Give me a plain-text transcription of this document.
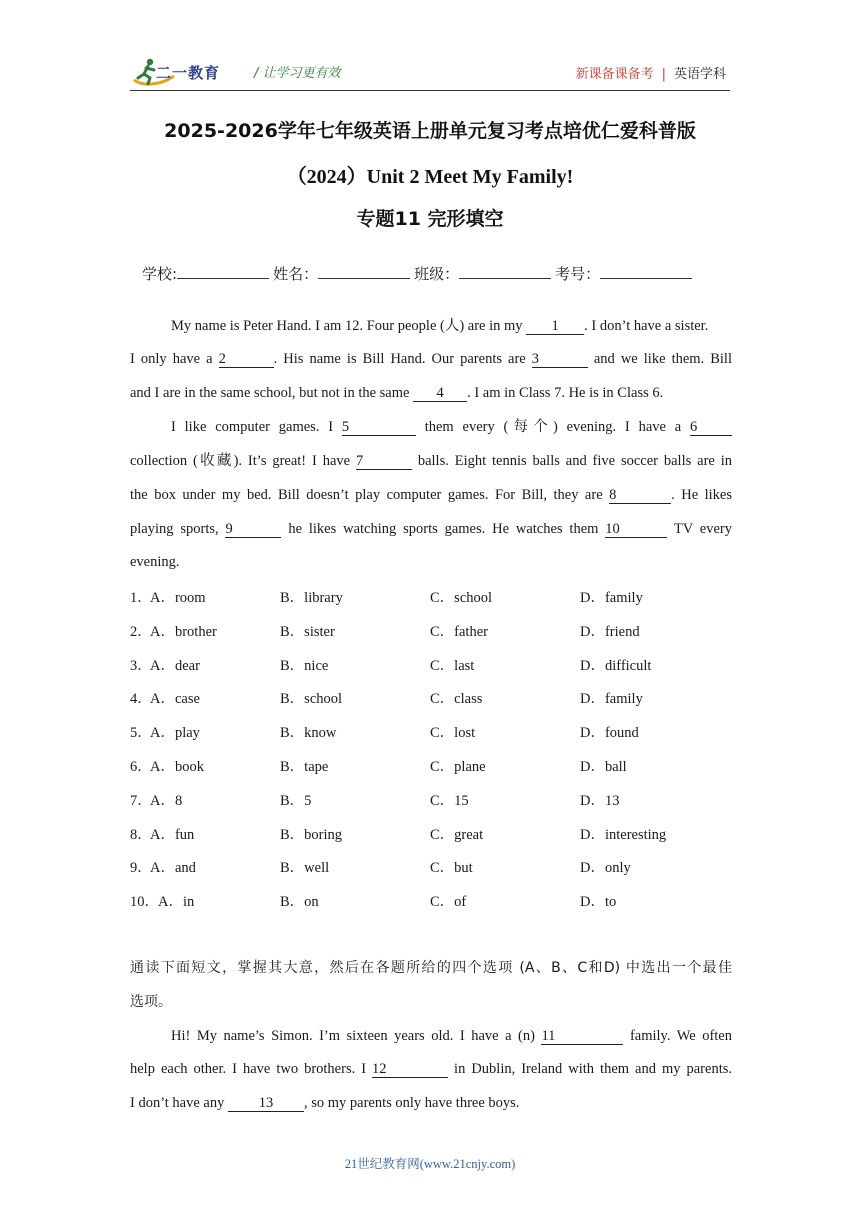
二一教育	/ 让学习更有效	新课备课备考 | 英语学科
2025-2026学年七年级英语上册单元复习考点培优仁爱科普版
（2024）Unit 2 Meet My Family!
专题11 完形填空
学校:	姓名：	班级：	考号：
My name is Peter Hand. I am 12. Four people (人) are in my 1 . I don’t have a sister.
I only have a 2	. His name is Bill Hand. Our parents are 3	and we like them. Bill
and I are in the same school, but not in the same 4 . I am in Class 7. He is in Class 6.
I like computer games. I 5	them every (每个) evening. I have a 6
collection (收藏). It’s great! I have 7	balls. Eight tennis balls and five soccer balls are in
the box under my bed. Bill doesn’t play computer games. For Bill, they are 8	. He likes
playing sports, 9	he likes watching sports games. He watches them 10	TV every
evening.
1．
A．room	B．library	C．school	D．family
2．
A．brother	B．sister	C．father	D．friend
3．
A．dear	B．nice	C．last	D．difficult
4．
A．case	B．school	C．class	D．family
5．
A．play	B．know	C．lost	D．found
6．
A．book	B．tape	C．plane	D．ball
7．
A．8	B．5	C．15	D．13
8．
A．fun	B．boring	C．great	D．interesting
9．
A．and	B．well	C．but	D．only
10． A．in	B．on	C．of	D．to
通读下面短文，掌握其大意，然后在各题所给的四个选项 (A、B、C和D) 中选出一个最佳
选项。
Hi! My name’s Simon. I’m sixteen years old. I have a (n) 11	family. We often
help each other. I have two brothers. I 12	in Dublin, Ireland with them and my parents.
I don’t have any 13 , so my parents only have three boys.
21世纪教育网(www.21cnjy.com)
